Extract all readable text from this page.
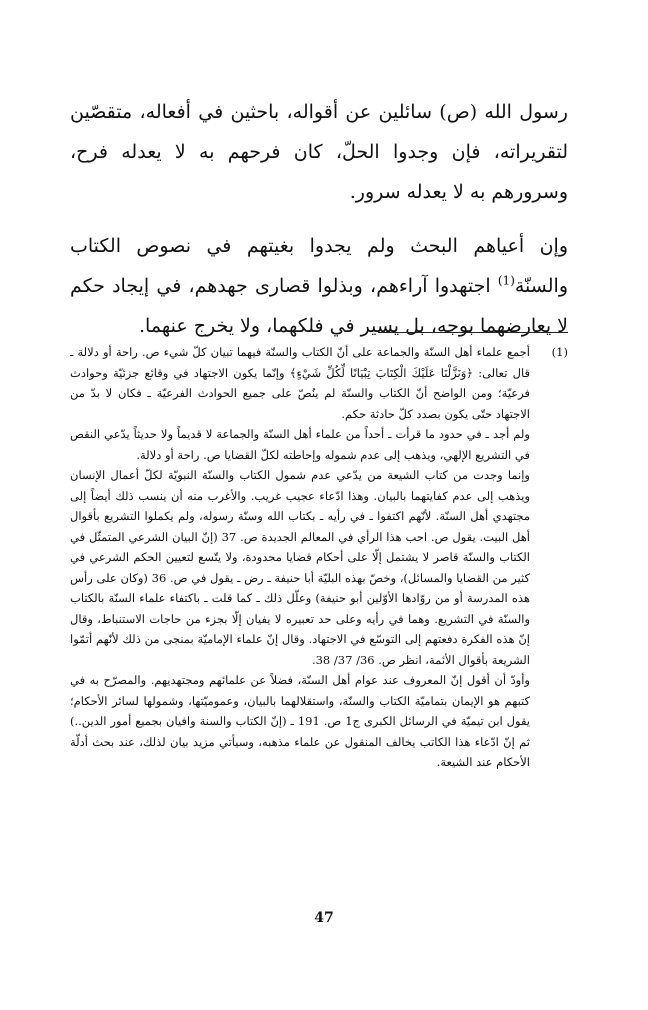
رسول الله (ص) سائلين عن أقواله، باحثين في أفعاله، متقصّين لتقريراته، فإن وجدوا الحلّ، كان فرحهم به لا يعدله فرح، وسرورهم به لا يعدله سرور.

وإن أعياهم البحث ولم يجدوا بغيتهم في نصوص الكتاب والسنّة$^{(1)}$ اجتهدوا آراءهم، وبذلوا قصارى جهدهم، في إيجاد حكم لا يعارضهما بوجه، بل يسير في فلكهما، ولا يخرج عنهما.

(1)

أجمع علماء أهل السنّة والجماعة على أنّ الكتاب والسنّة فيهما تبيان كلّ شيء ص. راحة أو دلالة ـ قال تعالى: ﴿وَنَزَّلْنَا عَلَيْكَ الْكِتَابَ تِبْيَانًا لِّكُلِّ شَيْءٍ﴾ وإنّما يكون الاجتهاد في وقائع جزئيّة وحوادث فرعيّة؛ ومن الواضح أنّ الكتاب والسنّة لم ينُصّ على جميع الحوادث الفرعيّة ـ فكان لا بدّ من الاجتهاد حتّى يكون بصدد كلّ حادثة حكم.

ولم أجد ـ في حدود ما قرأت ـ أحداً من علماء أهل السنّة والجماعة لا قديماً ولا حديثاً يدّعي النقص في التشريع الإلهي، ويذهب إلى عدم شموله وإحاطته لكلّ القضايا ص. راحة أو دلالة.

وإنما وجدت من كتاب الشيعة من يدّعي عدم شمول الكتاب والسنّة النبويّة لكلّ أعمال الإنسان ويذهب إلى عدم كفايتهما بالبيان. وهذا ادّعاء عجيب غريب. والأغرب منه أن ينسب ذلك أيضاً إلى مجتهدي أهل السنّة. لأنّهم اكتفوا ـ في رأيه ـ بكتاب الله وسنّة رسوله، ولم يكملوا التشريع بأقوال أهل البيت. يقول ص. احب هذا الرأي في المعالم الجديدة ص. 37 (إنّ البيان الشرعي المتمثّل في الكتاب والسنّة قاصر لا يشتمل إلّا على أحكام قضايا محدودة، ولا يتّسع لتعيين الحكم الشرعي في كثير من القضايا والمسائل)، وخصّ بهذه البليّة أبا حنيفة ـ رض ـ يقول في ص. 36 (وكان على رأس هذه المدرسة أو من روّادها الأوّلين أبو حنيفة) وعلّل ذلك ـ كما قلت ـ باكتفاء علماء السنّة بالكتاب والسنّة في التشريع. وهما في رأيه وعلى حد تعبيره لا يفيان إلّا بجزء من حاجات الاستنباط، وقال إنّ هذه الفكرة دفعتهم إلى التوسّع في الاجتهاد. وقال إنّ علماء الإماميّة بمنجى من ذلك لأنّهم أتمّوا الشريعة بأقوال الأئمة، انظر ص. 36/ 37/ 38.

وأودّ أن أقول إنّ المعروف عند عوام أهل السنّة، فضلاً عن علمائهم ومجتهديهم. والمصرّح به في كتبهم هو الإيمان بتماميّة الكتاب والسنّة، واستقلالهما بالبيان، وعموميّتها، وشمولها لسائر الأحكام؛ يقول ابن تيميّة في الرسائل الكبرى ج1 ص. 191 ـ (إنّ الكتاب والسنة وافيان بجميع أمور الدين..) ثم إنّ ادّعاء هذا الكاتب يخالف المنقول عن علماء مذهبه، وسيأتي مزيد بيان لذلك، عند بحث أدلّة الأحكام عند الشيعة.

47
